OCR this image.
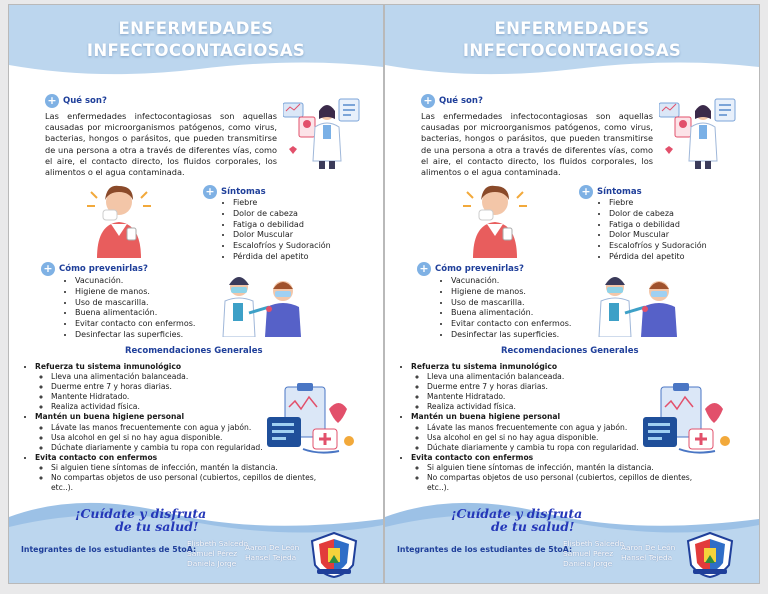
ENFERMEDADES
INFECTOCONTAGIOSAS
+ Qué son?
Las enfermedades infectocontagiosas son aquellas causadas por microorganismos patógenos, como virus, bacterias, hongos o parásitos, que pueden transmitirse de una persona a otra a través de diferentes vías, como el aire, el contacto directo, los fluidos corporales, los alimentos o el agua contaminada.
+ Síntomas
• Fiebre
• Dolor de cabeza
• Fatiga o debilidad
• Dolor Muscular
• Escalofríos y Sudoración
• Pérdida del apetito
+ Cómo prevenirlas?
• Vacunación.
• Higiene de manos.
• Uso de mascarilla.
• Buena alimentación.
• Evitar contacto con enfermos.
• Desinfectar las superficies.
Recomendaciones Generales
• Refuerza tu sistema inmunológico
◦ Lleva una alimentación balanceada.
◦ Duerme entre 7 y horas diarias.
◦ Mantente Hidratado.
◦ Realiza actividad física.
• Mantén un buena higiene personal
◦ Lávate las manos frecuentemente con agua y jabón.
◦ Usa alcohol en gel si no hay agua disponible.
◦ Dúchate diariamente y cambia tu ropa con regularidad.
• Evita contacto con enfermos
◦ Si alguien tiene síntomas de infección, mantén la distancia.
◦ No compartas objetos de uso personal (cubiertos, cepillos de dientes, etc..).
¡Cuídate y disfruta
de tu salud!
Integrantes de los estudiantes de 5toA:
Elisbeth Salcedo
Samuel Pérez
Daniela Jorge
Aaron De León
Hansel Tejeda
ENFERMEDADES
INFECTOCONTAGIOSAS
+ Qué son?
Las enfermedades infectocontagiosas son aquellas causadas por microorganismos patógenos, como virus, bacterias, hongos o parásitos, que pueden transmitirse de una persona a otra a través de diferentes vías, como el aire, el contacto directo, los fluidos corporales, los alimentos o el agua contaminada.
+ Síntomas
• Fiebre
• Dolor de cabeza
• Fatiga o debilidad
• Dolor Muscular
• Escalofríos y Sudoración
• Pérdida del apetito
+ Cómo prevenirlas?
• Vacunación.
• Higiene de manos.
• Uso de mascarilla.
• Buena alimentación.
• Evitar contacto con enfermos.
• Desinfectar las superficies.
Recomendaciones Generales
• Refuerza tu sistema inmunológico
◦ Lleva una alimentación balanceada.
◦ Duerme entre 7 y horas diarias.
◦ Mantente Hidratado.
◦ Realiza actividad física.
• Mantén un buena higiene personal
◦ Lávate las manos frecuentemente con agua y jabón.
◦ Usa alcohol en gel si no hay agua disponible.
◦ Dúchate diariamente y cambia tu ropa con regularidad.
• Evita contacto con enfermos
◦ Si alguien tiene síntomas de infección, mantén la distancia.
◦ No compartas objetos de uso personal (cubiertos, cepillos de dientes, etc..).
¡Cuídate y disfruta
de tu salud!
Integrantes de los estudiantes de 5toA:
Elisbeth Salcedo
Samuel Pérez
Daniela Jorge
Aaron De León
Hansel Tejeda
